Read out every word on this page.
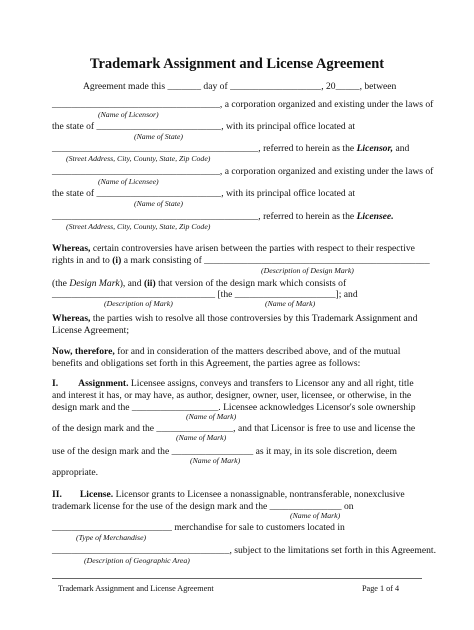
Trademark Assignment and License Agreement
Agreement made this _______ day of ___________________, 20_____, between
___________________________________, a corporation organized and existing under the laws of
(Name of Licensor)
the state of __________________________, with its principal office located at
(Name of State)
___________________________________________, referred to herein as the Licensor, and
(Street Address, City, County, State, Zip Code)
___________________________________, a corporation organized and existing under the laws of
(Name of Licensee)
the state of __________________________, with its principal office located at
(Name of State)
___________________________________________, referred to herein as the Licensee.
(Street Address, City, County, State, Zip Code)
Whereas, certain controversies have arisen between the parties with respect to their respective
rights in and to (i) a mark consisting of _______________________________________________
(Description of Design Mark)
(the Design Mark), and (ii) that version of the design mark which consists of
__________________________________ [the _____________________]; and
(Description of Mark)	(Name of Mark)
Whereas, the parties wish to resolve all those controversies by this Trademark Assignment and
License Agreement;
Now, therefore, for and in consideration of the matters described above, and of the mutual
benefits and obligations set forth in this Agreement, the parties agree as follows:
I. Assignment. Licensee assigns, conveys and transfers to Licensor any and all right, title
and interest it has, or may have, as author, designer, owner, user, licensee, or otherwise, in the
design mark and the __________________. Licensee acknowledges Licensor's sole ownership
(Name of Mark)
of the design mark and the ________________, and that Licensor is free to use and license the
(Name of Mark)
use of the design mark and the _________________ as it may, in its sole discretion, deem
(Name of Mark)
appropriate.
II. License. Licensor grants to Licensee a nonassignable, nontransferable, nonexclusive
trademark license for the use of the design mark and the _______________ on
(Name of Mark)
_________________________ merchandise for sale to customers located in
(Type of Merchandise)
_____________________________________, subject to the limitations set forth in this Agreement.
(Description of Geographic Area)
Trademark Assignment and License Agreement	Page 1 of 4
